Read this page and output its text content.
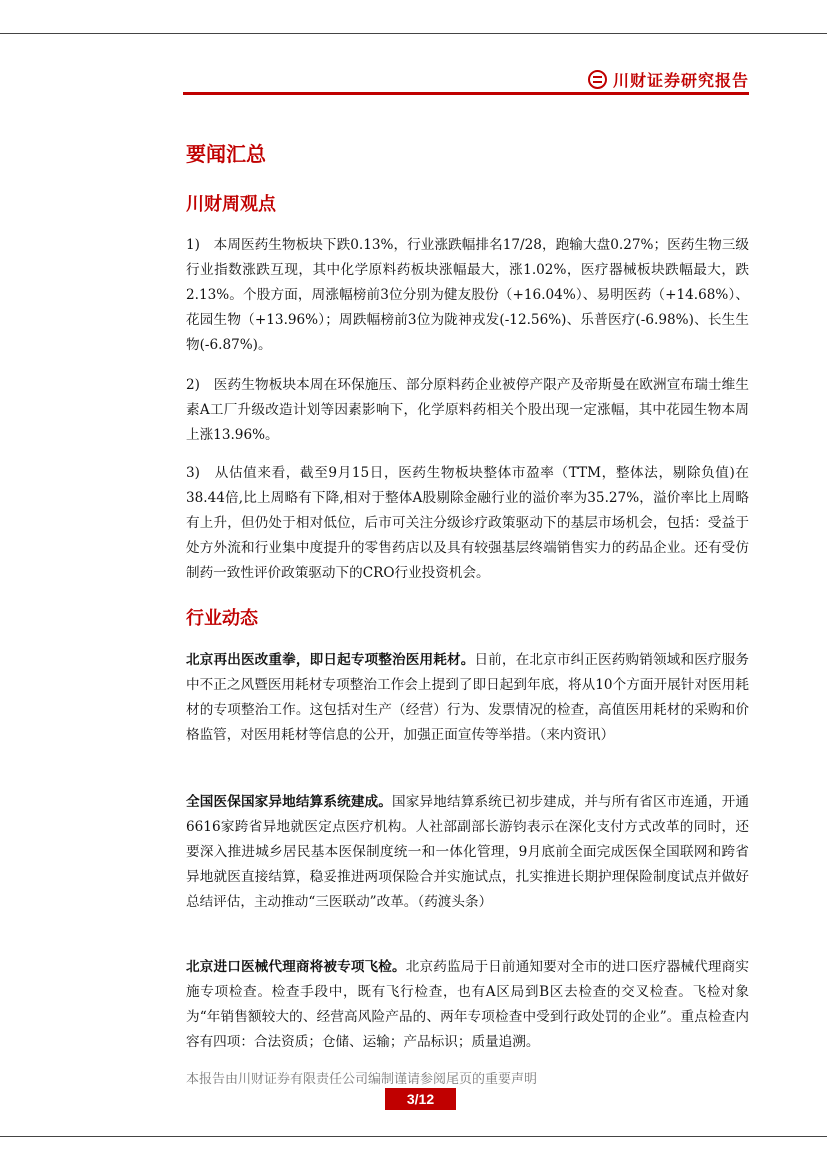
川财证券研究报告
要闻汇总
川财周观点

1)　本周医药生物板块下跌0.13%，行业涨跌幅排名17/28，跑输大盘0.27%；医药生物三级行业指数涨跌互现，其中化学原料药板块涨幅最大，涨1.02%，医疗器械板块跌幅最大，跌2.13%。个股方面，周涨幅榜前3位分别为健友股份（+16.04%）、易明医药（+14.68%）、花园生物（+13.96%）；周跌幅榜前3位为陇神戎发(-12.56%)、乐普医疗(-6.98%)、长生生物(-6.87%)。

2)　医药生物板块本周在环保施压、部分原料药企业被停产限产及帝斯曼在欧洲宣布瑞士维生素A工厂升级改造计划等因素影响下，化学原料药相关个股出现一定涨幅，其中花园生物本周上涨13.96%。

3)　从估值来看，截至9月15日，医药生物板块整体市盈率（TTM，整体法，剔除负值)在38.44倍,比上周略有下降,相对于整体A股剔除金融行业的溢价率为35.27%，溢价率比上周略有上升，但仍处于相对低位，后市可关注分级诊疗政策驱动下的基层市场机会，包括：受益于处方外流和行业集中度提升的零售药店以及具有较强基层终端销售实力的药品企业。还有受仿制药一致性评价政策驱动下的CRO行业投资机会。

行业动态

北京再出医改重拳，即日起专项整治医用耗材。日前，在北京市纠正医药购销领域和医疗服务中不正之风暨医用耗材专项整治工作会上提到了即日起到年底，将从10个方面开展针对医用耗材的专项整治工作。这包括对生产（经营）行为、发票情况的检查，高值医用耗材的采购和价格监管，对医用耗材等信息的公开，加强正面宣传等举措。（来内资讯）

全国医保国家异地结算系统建成。国家异地结算系统已初步建成，并与所有省区市连通，开通6616家跨省异地就医定点医疗机构。人社部副部长游钧表示在深化支付方式改革的同时，还要深入推进城乡居民基本医保制度统一和一体化管理，9月底前全面完成医保全国联网和跨省异地就医直接结算，稳妥推进两项保险合并实施试点，扎实推进长期护理保险制度试点并做好总结评估，主动推动“三医联动”改革。（药渡头条）

北京进口医械代理商将被专项飞检。北京药监局于日前通知要对全市的进口医疗器械代理商实施专项检查。检查手段中，既有飞行检查，也有A区局到B区去检查的交叉检查。飞检对象为“年销售额较大的、经营高风险产品的、两年专项检查中受到行政处罚的企业”。重点检查内容有四项：合法资质；仓储、运输；产品标识；质量追溯。

本报告由川财证券有限责任公司编制谨请参阅尾页的重要声明
3/12
